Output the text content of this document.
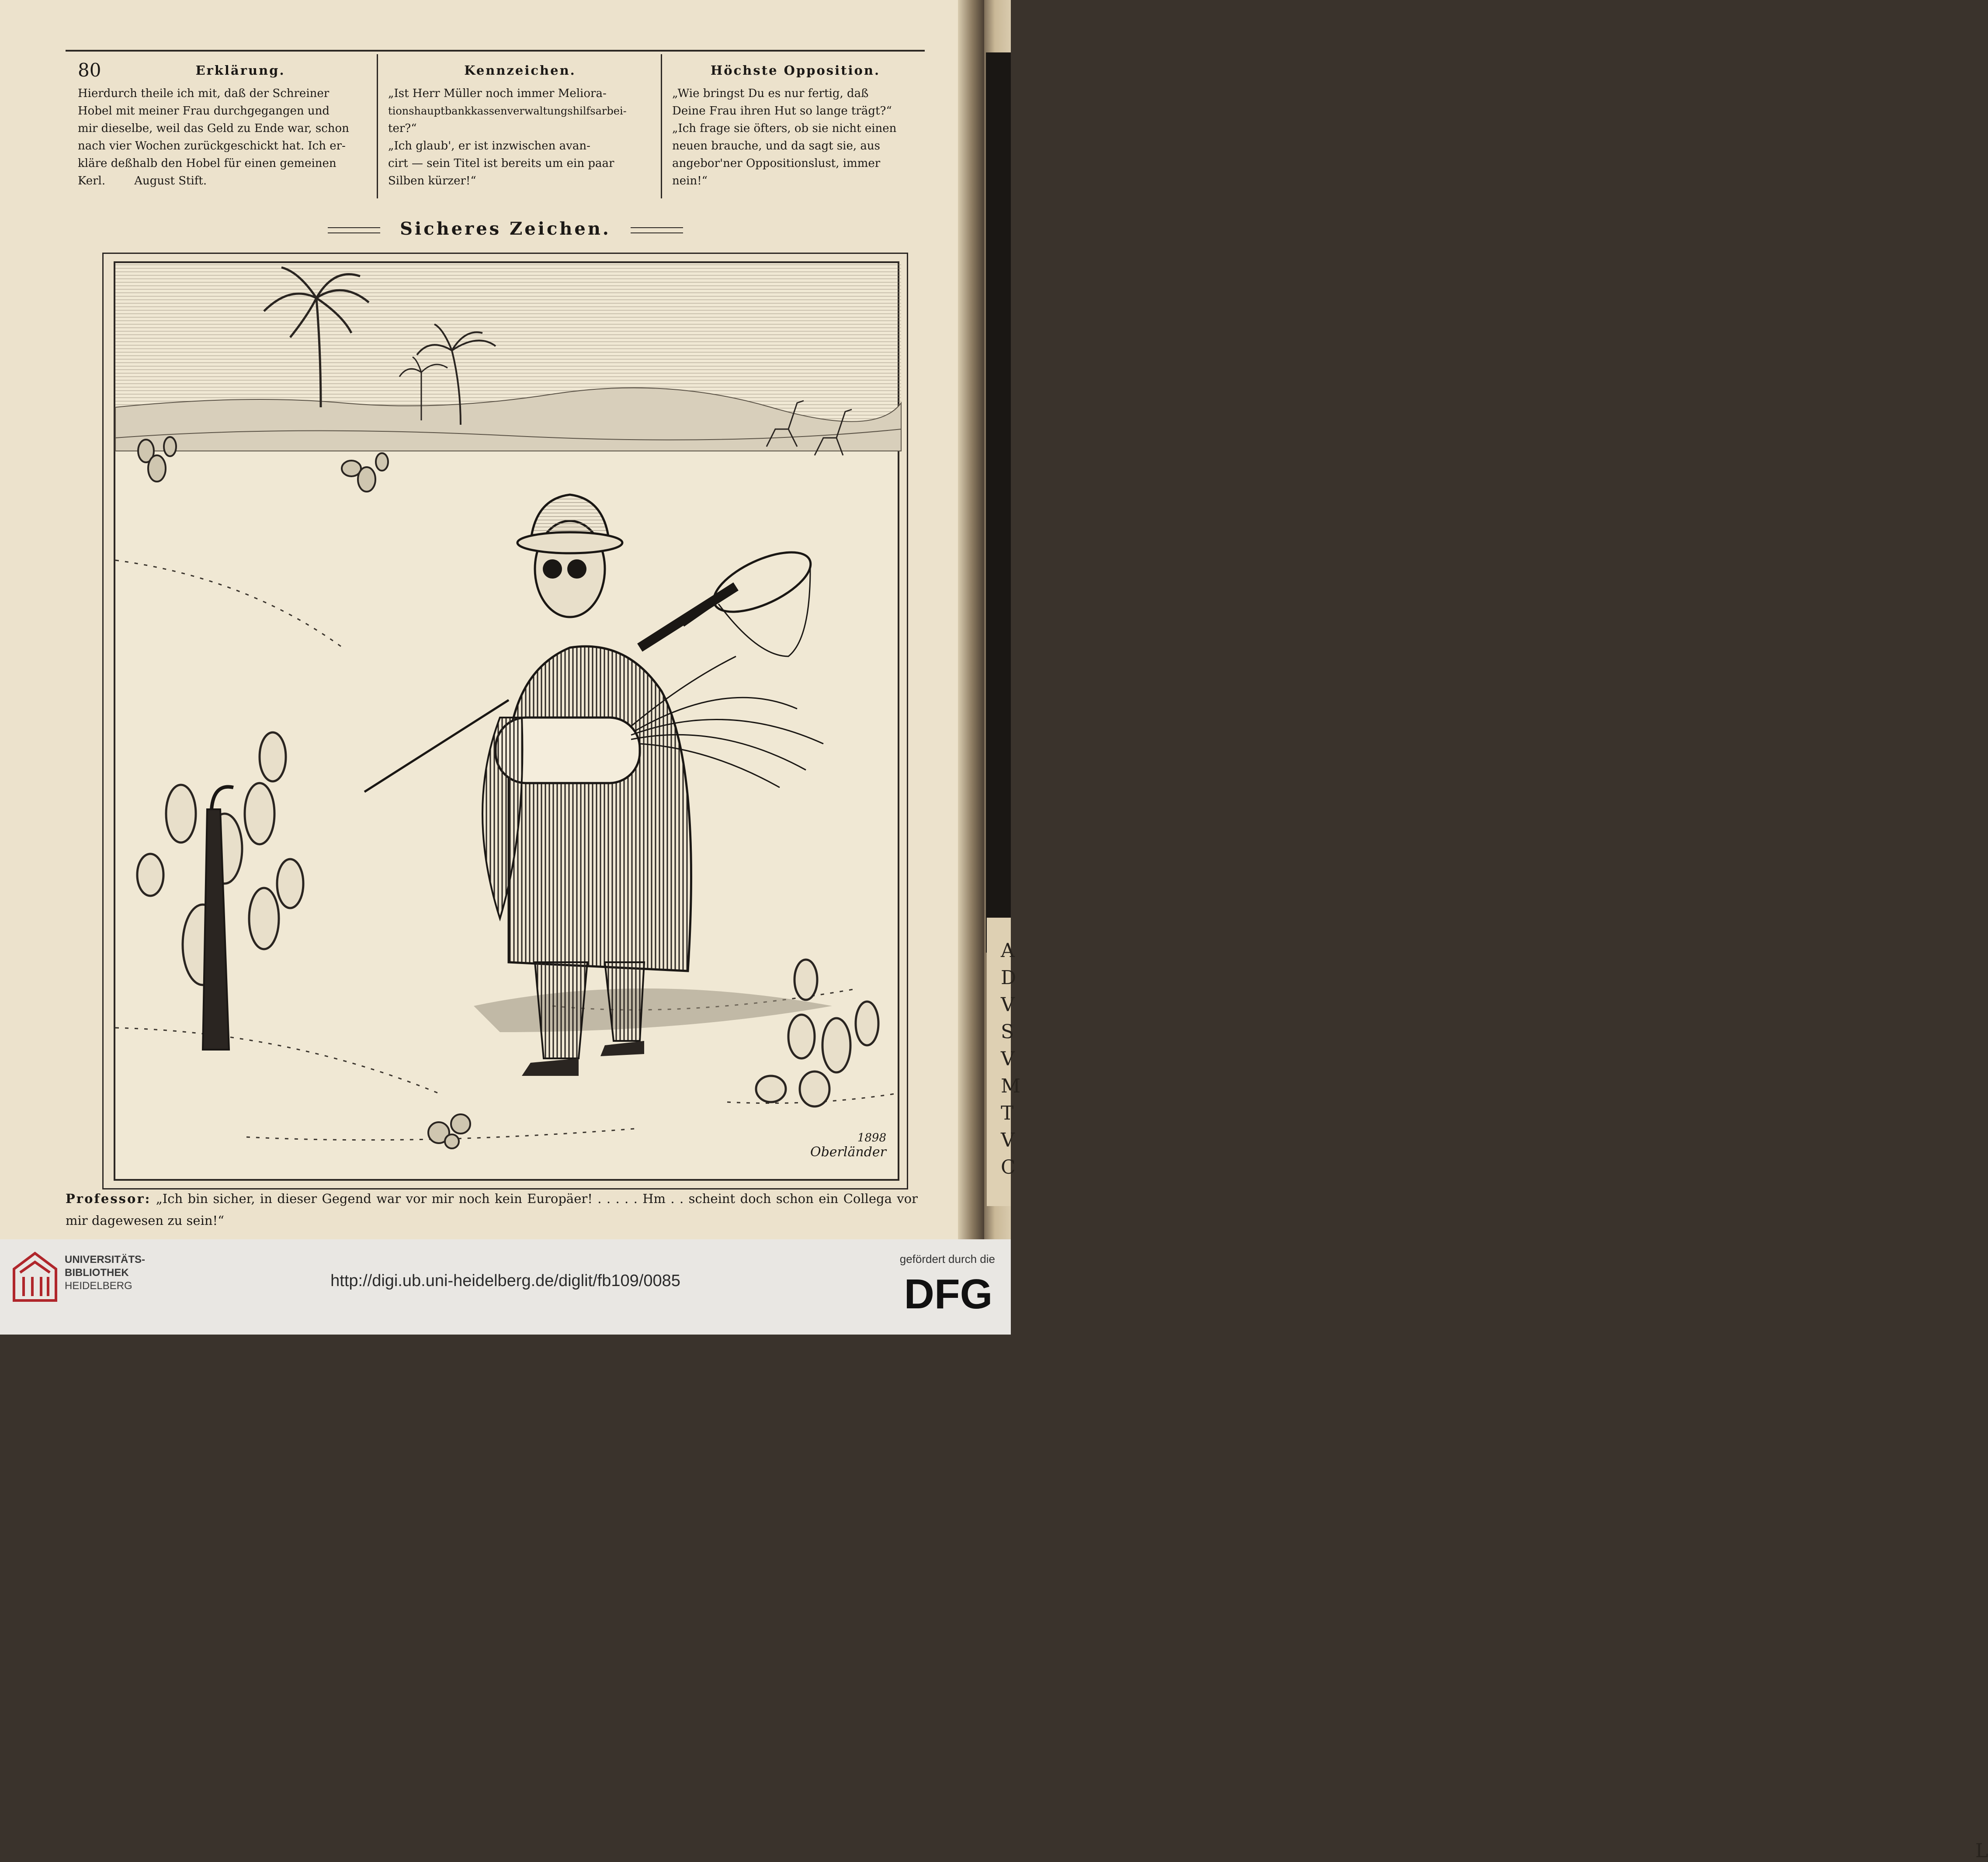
L
A
D
V
S
V
M
T
V
C
80	Erklärung.
Hierdurch theile ich mit, daß der Schreiner
Hobel mit meiner Frau durchgegangen und
mir dieselbe, weil das Geld zu Ende war, schon
nach vier Wochen zurückgeschickt hat. Ich er-
kläre deßhalb den Hobel für einen gemeinen
Kerl.        August Stift.
Kennzeichen.
„Ist Herr Müller noch immer Meliora-
tionshauptbankkassenverwaltungshilfsarbei-
ter?“
„Ich glaub', er ist inzwischen avan-
cirt — sein Titel ist bereits um ein paar
Silben kürzer!“
Höchste Opposition.
„Wie bringst Du es nur fertig, daß
Deine Frau ihren Hut so lange trägt?“
„Ich frage sie öfters, ob sie nicht einen
neuen brauche, und da sagt sie, aus
angebor'ner Oppositionslust, immer
nein!“
Sicheres Zeichen.
1898
Oberländer
Professor: „Ich bin sicher, in dieser Gegend war vor mir noch kein Europäer! . . . . . Hm . . scheint doch schon ein Collega vor mir dagewesen zu sein!“
UNIVERSITÄTS-
BIBLIOTHEK
HEIDELBERG	http://digi.ub.uni-heidelberg.de/diglit/fb109/0085
gefördert durch die
DFG
